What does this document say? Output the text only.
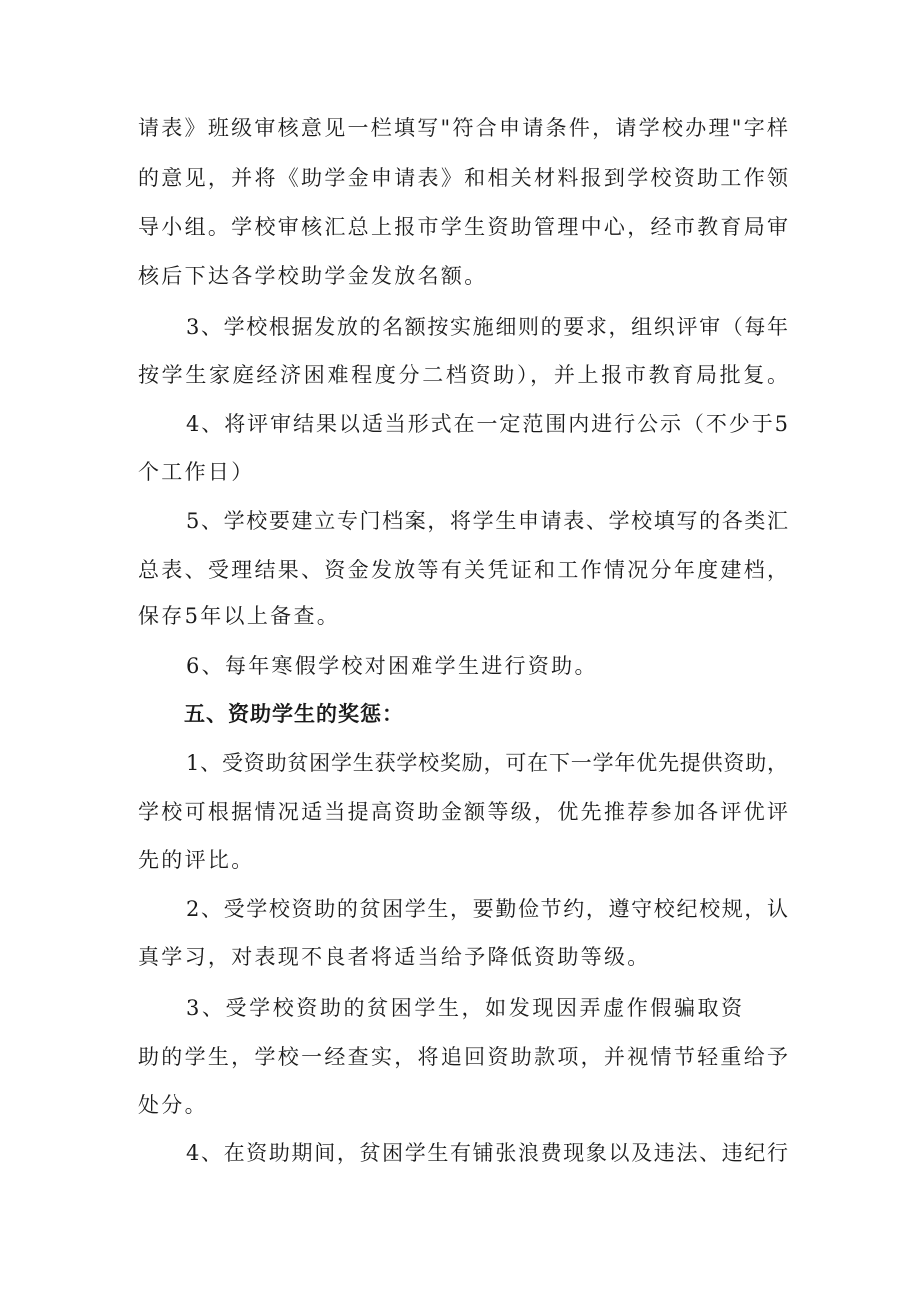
请表》班级审核意见一栏填写"符合申请条件，请学校办理"字样
的意见，并将《助学金申请表》和相关材料报到学校资助工作领
导小组。学校审核汇总上报市学生资助管理中心，经市教育局审
核后下达各学校助学金发放名额。
3、学校根据发放的名额按实施细则的要求，组织评审（每年
按学生家庭经济困难程度分二档资助），并上报市教育局批复。
4、将评审结果以适当形式在一定范围内进行公示（不少于5
个工作日）
5、学校要建立专门档案，将学生申请表、学校填写的各类汇
总表、受理结果、资金发放等有关凭证和工作情况分年度建档，
保存5年以上备查。
6、每年寒假学校对困难学生进行资助。
五、资助学生的奖惩：
1、受资助贫困学生获学校奖励，可在下一学年优先提供资助，
学校可根据情况适当提高资助金额等级，优先推荐参加各评优评
先的评比。
2、受学校资助的贫困学生，要勤俭节约，遵守校纪校规，认
真学习，对表现不良者将适当给予降低资助等级。
3、受学校资助的贫困学生，如发现因弄虚作假骗取资
助的学生，学校一经查实，将追回资助款项，并视情节轻重给予
处分。
4、在资助期间，贫困学生有铺张浪费现象以及违法、违纪行
